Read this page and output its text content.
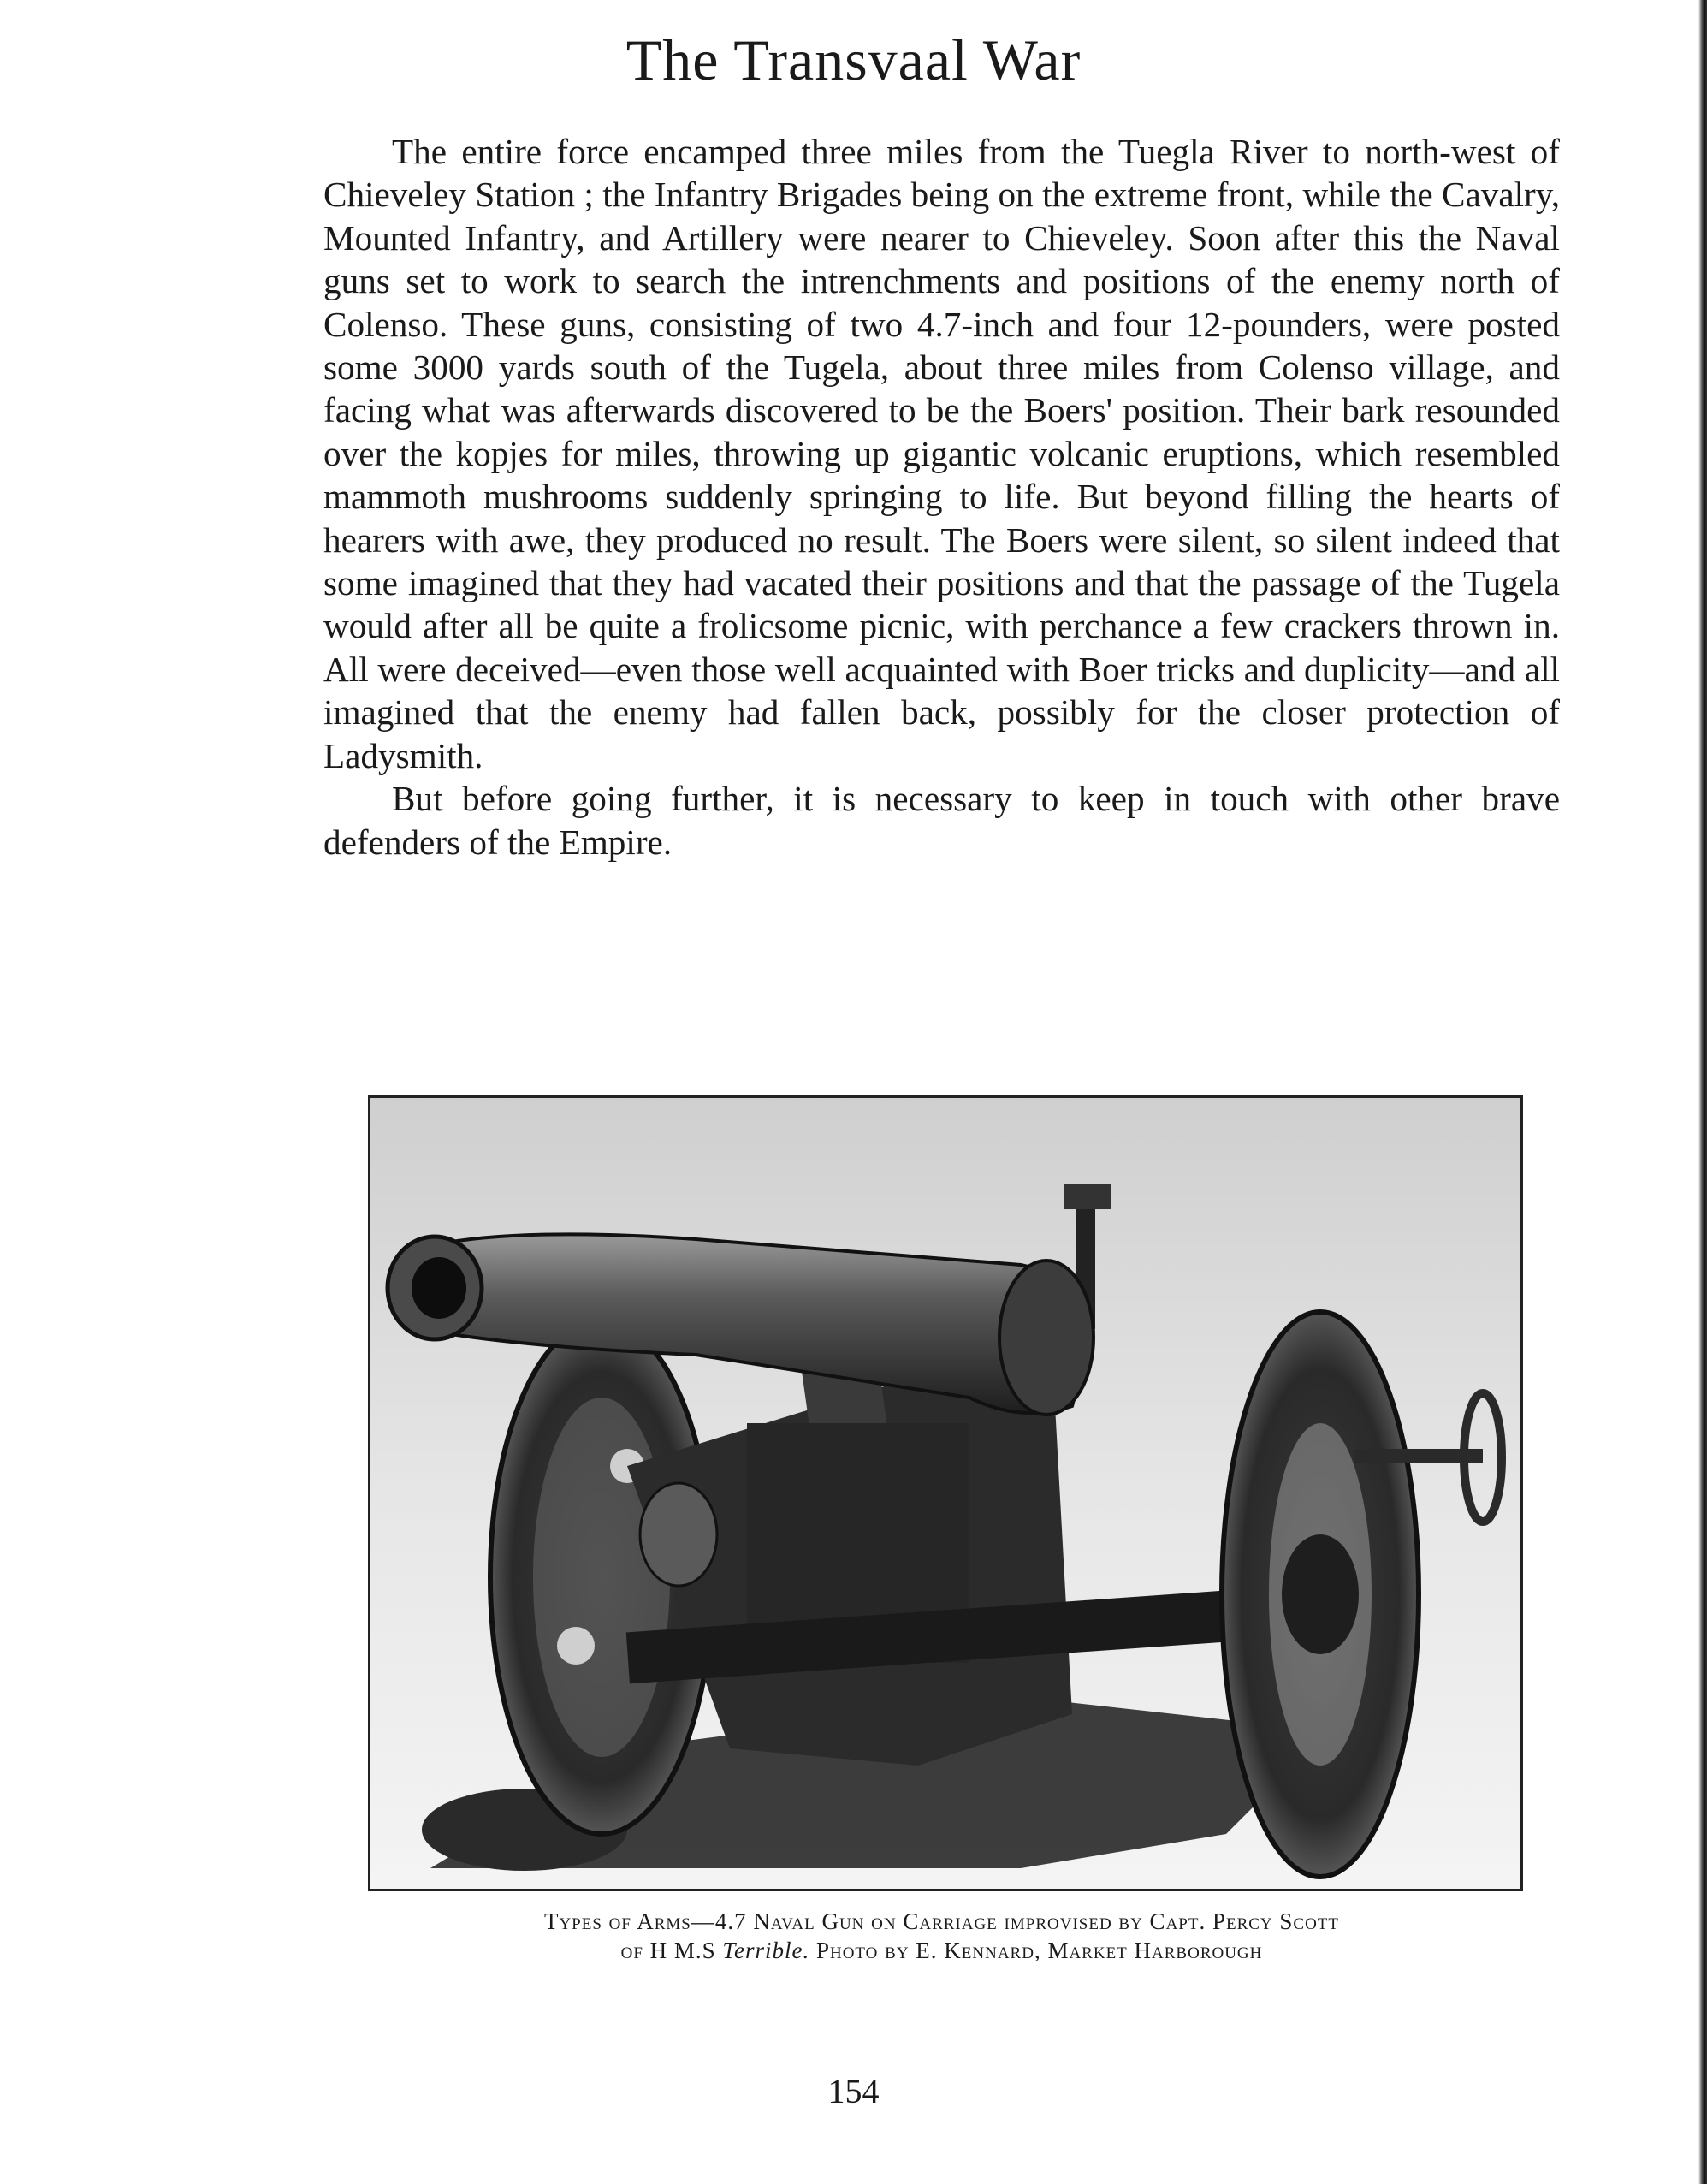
The Transvaal War

The entire force encamped three miles from the Tuegla River to north-west of Chieveley Station ; the Infantry Brigades being on the extreme front, while the Cavalry, Mounted Infantry, and Artillery were nearer to Chieveley. Soon after this the Naval guns set to work to search the intrenchments and positions of the enemy north of Colenso. These guns, consisting of two 4.7-inch and four 12-pounders, were posted some 3000 yards south of the Tugela, about three miles from Colenso village, and facing what was afterwards discovered to be the Boers' position. Their bark resounded over the kopjes for miles, throwing up gigantic volcanic eruptions, which resembled mammoth mushrooms suddenly springing to life. But beyond filling the hearts of hearers with awe, they produced no result. The Boers were silent, so silent indeed that some imagined that they had vacated their positions and that the passage of the Tugela would after all be quite a frolicsome picnic, with perchance a few crackers thrown in. All were deceived—even those well acquainted with Boer tricks and duplicity—and all imagined that the enemy had fallen back, possibly for the closer protection of Ladysmith.

But before going further, it is necessary to keep in touch with other brave defenders of the Empire.

Types of Arms—4.7 Naval Gun on Carriage improvised by Capt. Percy Scott
of H M.S Terrible. Photo by E. Kennard, Market Harborough
154
